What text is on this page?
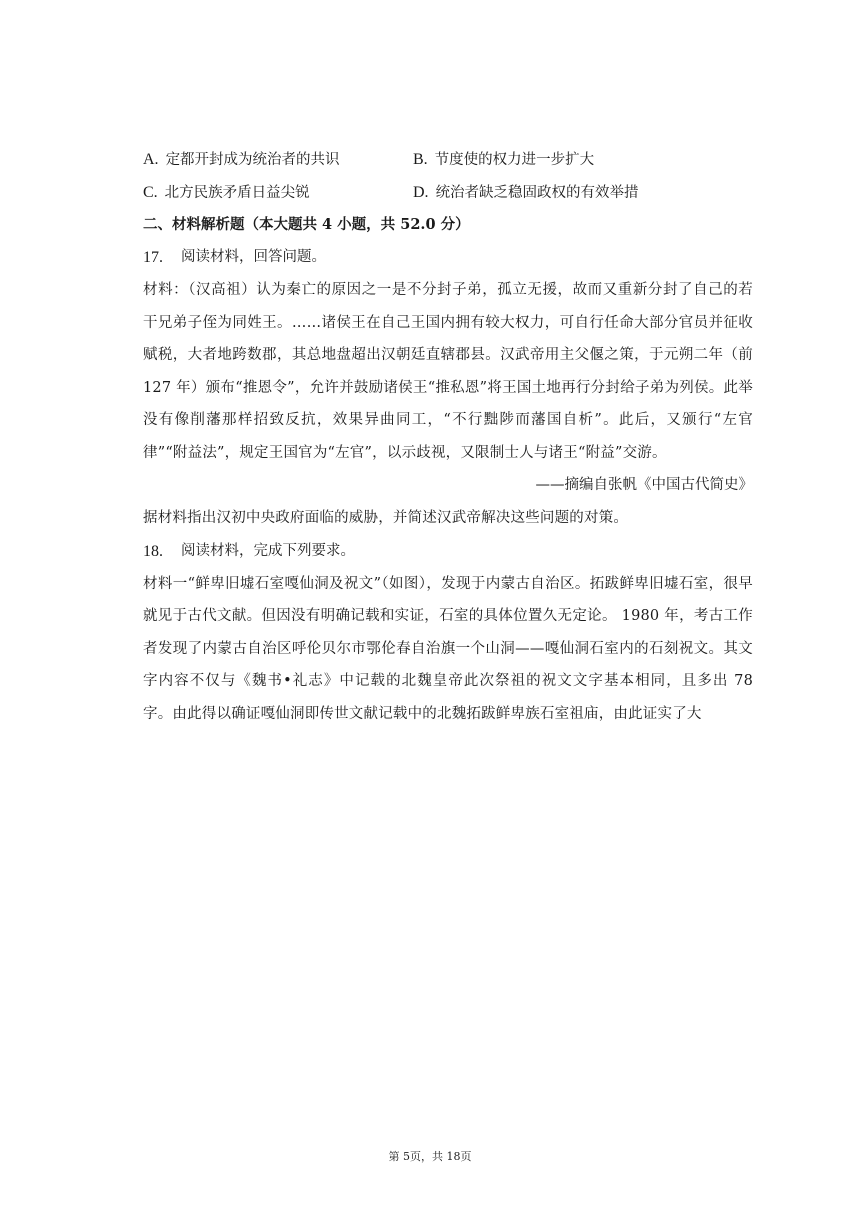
A. 定都开封成为统治者的共识	B. 节度使的权力进一步扩大
C. 北方民族矛盾日益尖锐	D. 统治者缺乏稳固政权的有效举措
二、材料解析题（本大题共 4 小题，共 52.0 分）
17.	阅读材料，回答问题。

材料：（汉高祖）认为秦亡的原因之一是不分封子弟，孤立无援，故而又重新分封了自己的若干兄弟子侄为同姓王。……诸侯王在自己王国内拥有较大权力，可自行任命大部分官员并征收赋税，大者地跨数郡，其总地盘超出汉朝廷直辖郡县。汉武帝用主父偃之策，于元朔二年（前 127 年）颁布“推恩令”，允许并鼓励诸侯王“推私恩”将王国土地再行分封给子弟为列侯。此举没有像削藩那样招致反抗，效果异曲同工，“不行黜陟而藩国自析”。此后，又颁行“左官律”“附益法”，规定王国官为“左官”，以示歧视，又限制士人与诸王“附益”交游。

——摘编自张帆《中国古代简史》

据材料指出汉初中央政府面临的威胁，并简述汉武帝解决这些问题的对策。

18.	阅读材料，完成下列要求。

材料一“鲜卑旧墟石室嘎仙洞及祝文”（如图），发现于内蒙古自治区。拓跋鲜卑旧墟石室，很早就见于古代文献。但因没有明确记载和实证，石室的具体位置久无定论。 1980 年，考古工作者发现了内蒙古自治区呼伦贝尔市鄂伦春自治旗一个山洞——嘎仙洞石室内的石刻祝文。其文字内容不仅与《魏书•礼志》中记载的北魏皇帝此次祭祖的祝文文字基本相同，且多出 78 字。由此得以确证嘎仙洞即传世文献记载中的北魏拓跋鲜卑族石室祖庙，由此证实了大

第 5页，共 18页
